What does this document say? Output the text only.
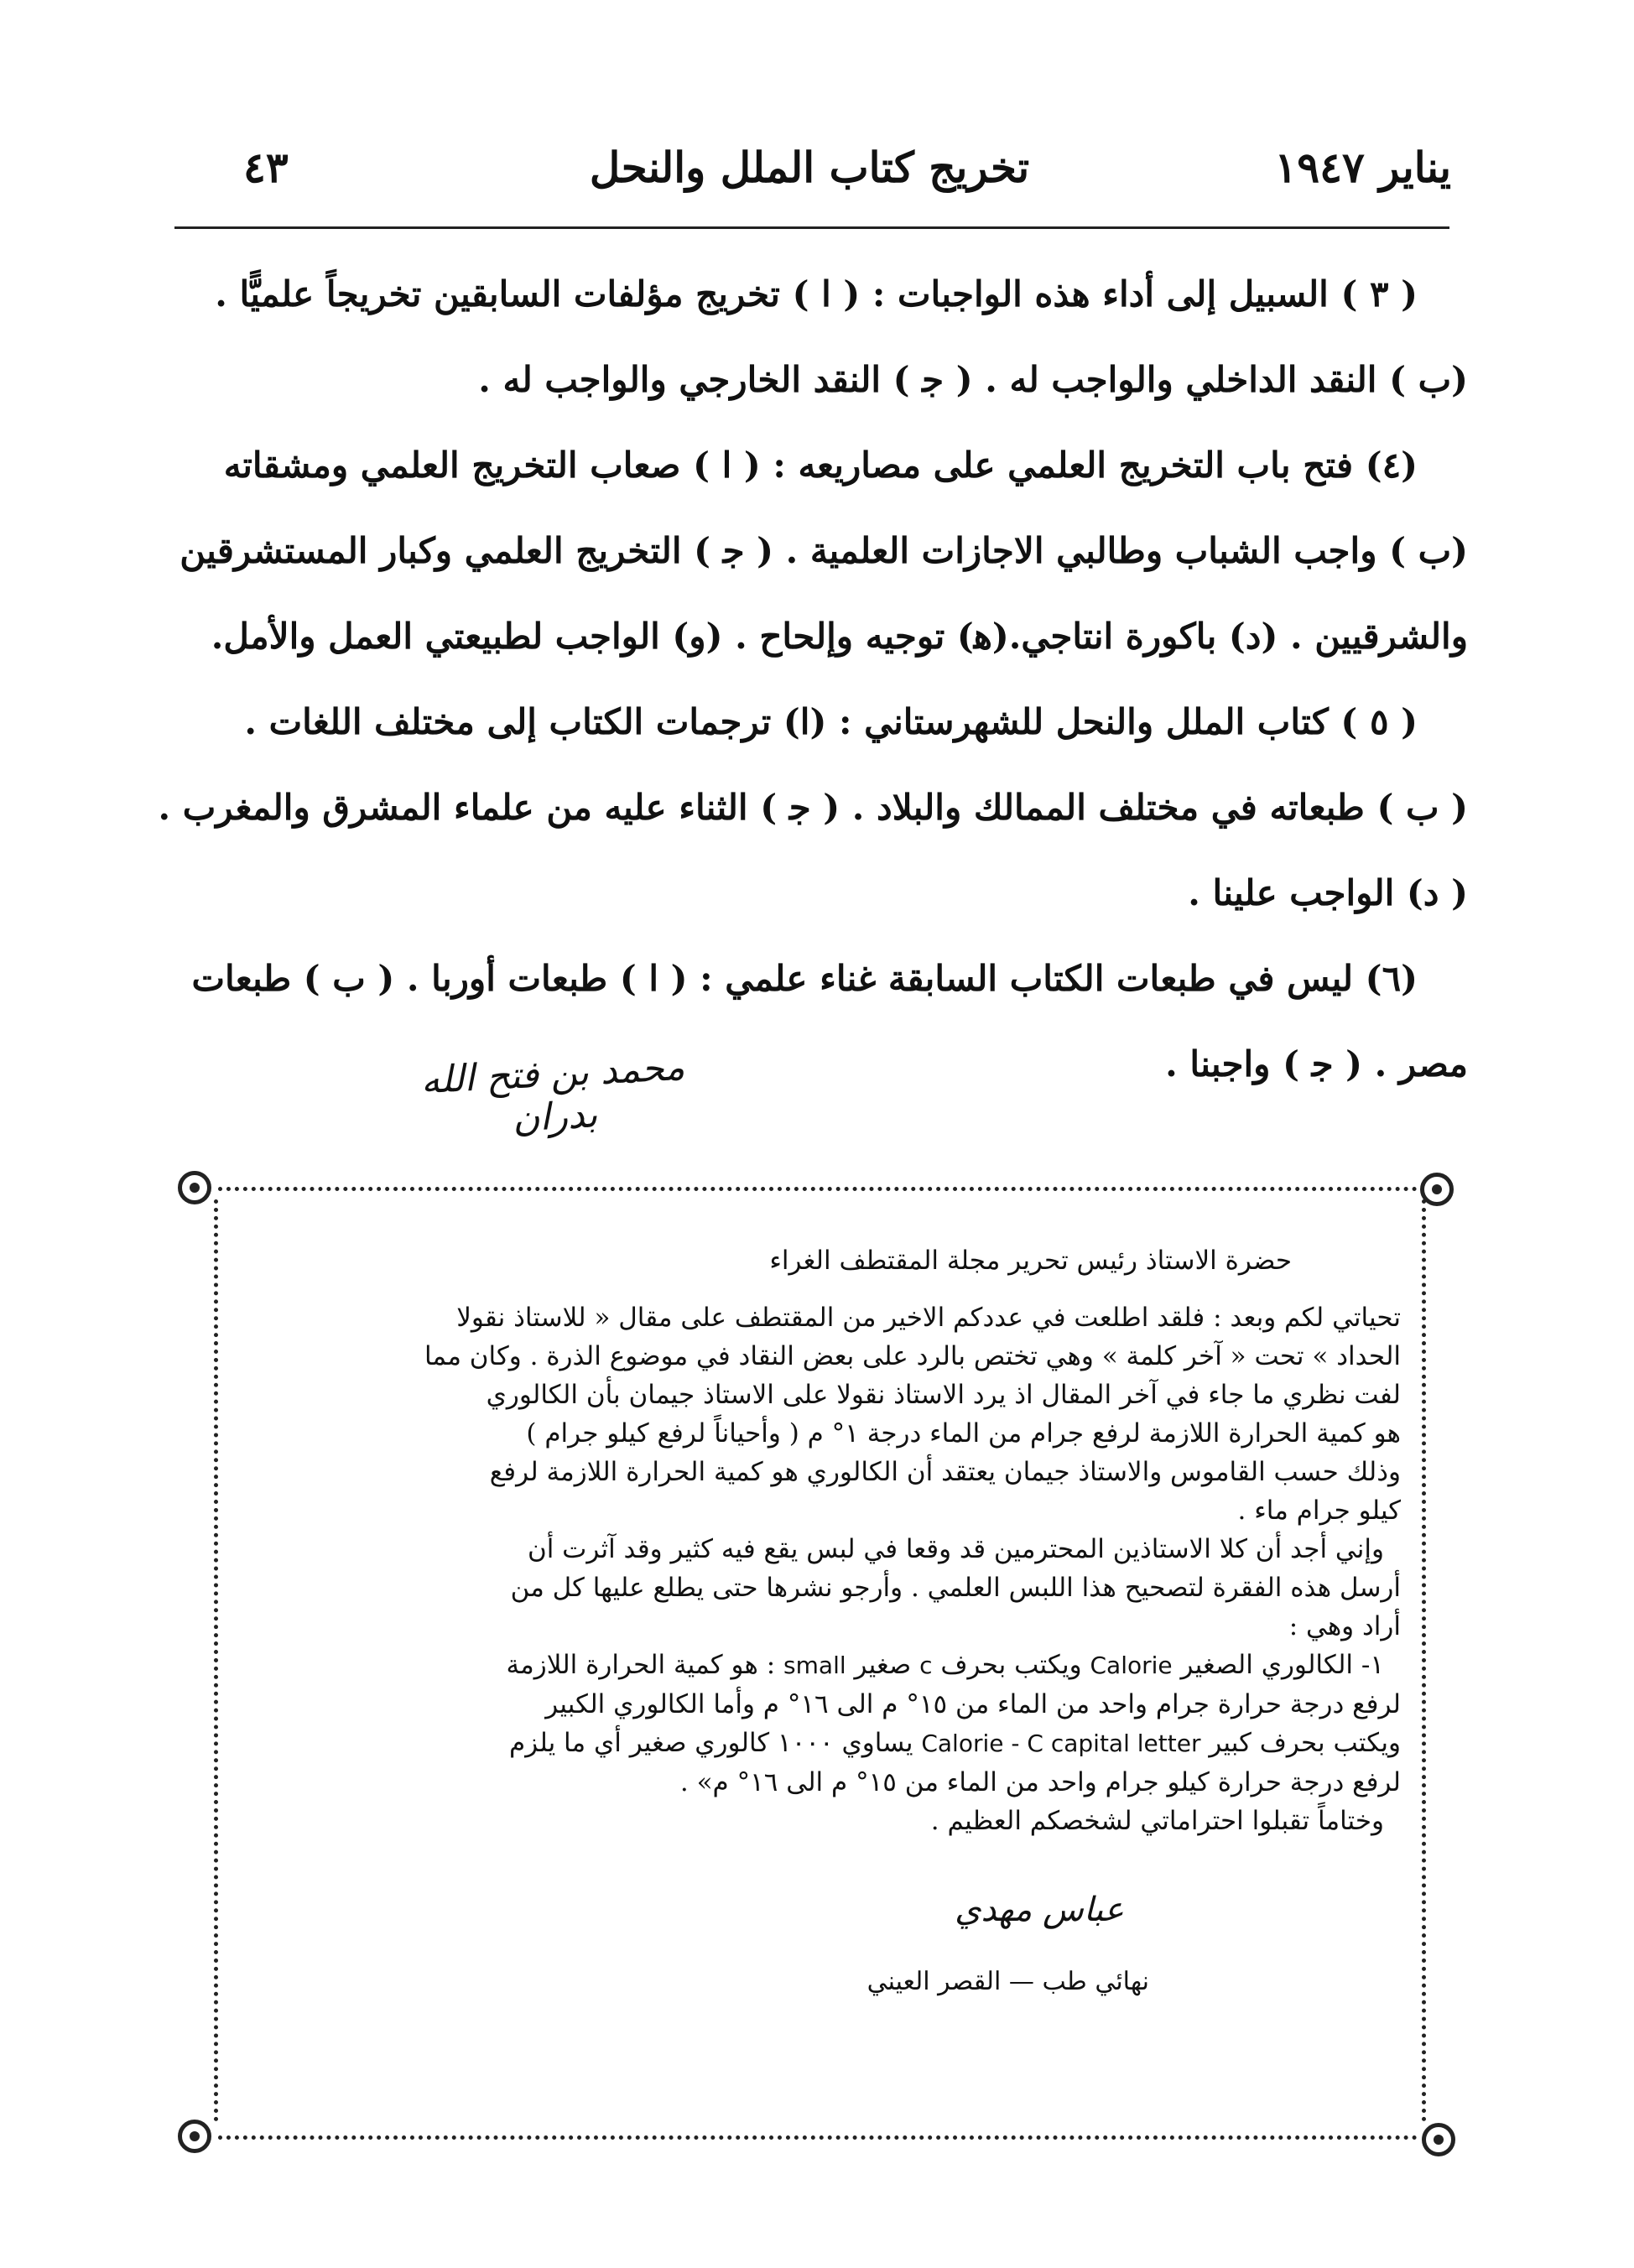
يناير ١٩٤٧
تخريج كتاب الملل والنحل
٤٣

( ٣ ) السبيل إلى أداء هذه الواجبات : ( ا ) تخريج مؤلفات السابقين تخريجاً علميًّا .

(ب ) النقد الداخلي والواجب له . ( ﺟ ) النقد الخارجي والواجب له .

(٤) فتح باب التخريج العلمي على مصاريعه : ( ا ) صعاب التخريج العلمي ومشقاته

(ب ) واجب الشباب وطالبي الاجازات العلمية . ( ﺟ ) التخريج العلمي وكبار المستشرقين

والشرقيين . (د) باكورة انتاجي.(ﻫ) توجيه وإلحاح . (و) الواجب لطبيعتي العمل والأمل.

( ٥ ) كتاب الملل والنحل للشهرستاني : (ا) ترجمات الكتاب إلى مختلف اللغات .

( ب ) طبعاته في مختلف الممالك والبلاد . ( ﺟ ) الثناء عليه من علماء المشرق والمغرب .

( د) الواجب علينا .

(٦) ليس في طبعات الكتاب السابقة غناء علمي : ( ا ) طبعات أوربا . ( ب ) طبعات

مصر . ( ﺟ ) واجبنا .

محمد بن فتح الله بدران

حضرة الاستاذ رئيس تحرير مجلة المقتطف الغراء

تحياتي لكم وبعد : فلقد اطلعت في عددكم الاخير من المقتطف على مقال « للاستاذ نقولا

الحداد » تحت « آخر كلمة » وهي تختص بالرد على بعض النقاد في موضوع الذرة . وكان مما

لفت نظري ما جاء في آخر المقال اذ يرد الاستاذ نقولا على الاستاذ جيمان بأن الكالوري

هو كمية الحرارة اللازمة لرفع جرام من الماء درجة ١° م ( وأحياناً لرفع كيلو جرام )

وذلك حسب القاموس والاستاذ جيمان يعتقد أن الكالوري هو كمية الحرارة اللازمة لرفع

كيلو جرام ماء .

وإني أجد أن كلا الاستاذين المحترمين قد وقعا في لبس يقع فيه كثير وقد آثرت أن

أرسل هذه الفقرة لتصحيح هذا اللبس العلمي . وأرجو نشرها حتى يطلع عليها كل من

أراد وهي :

١- الكالوري الصغير Calorie ويكتب بحرف c صغير small : هو كمية الحرارة اللازمة

لرفع درجة حرارة جرام واحد من الماء من ١٥° م الى ١٦° م وأما الكالوري الكبير

ويكتب بحرف كبير Calorie - C capital letter يساوي ١٠٠٠ كالوري صغير أي ما يلزم

لرفع درجة حرارة كيلو جرام واحد من الماء من ١٥° م الى ١٦° م» .

وختاماً تقبلوا احتراماتي لشخصكم العظيم .

عباس مهدي

نهائي طب — القصر العيني
